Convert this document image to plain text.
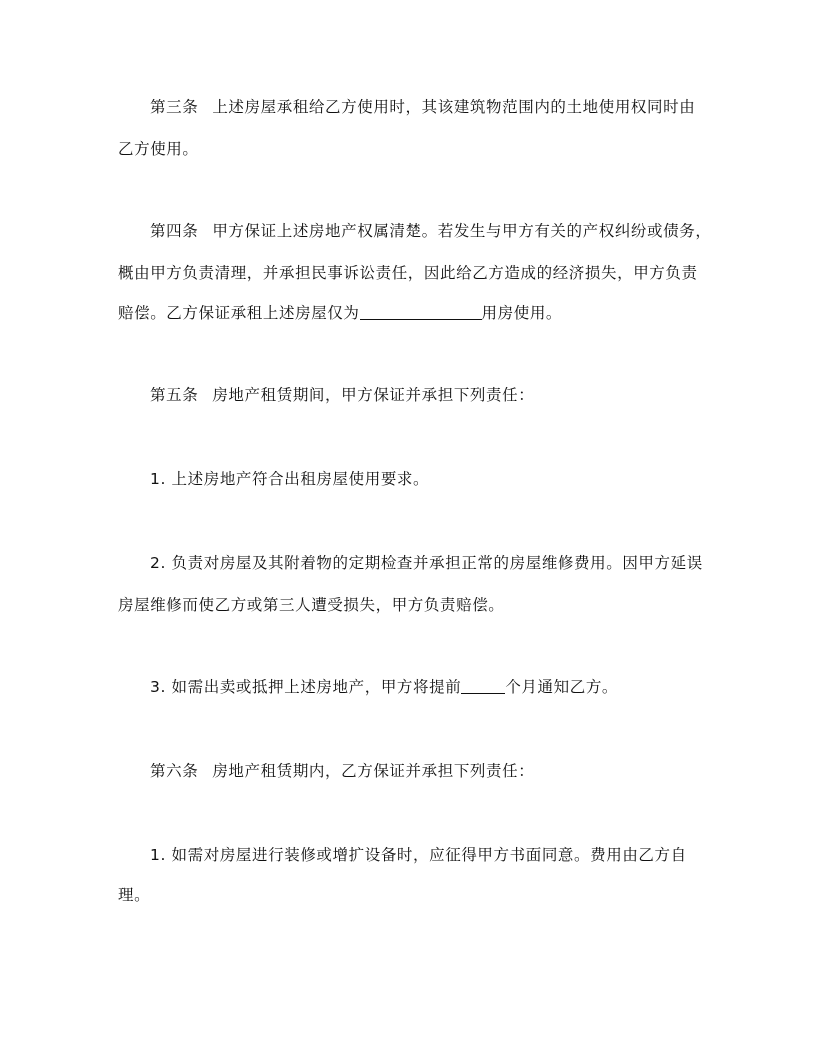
第三条 上述房屋承租给乙方使用时，其该建筑物范围内的土地使用权同时由
乙方使用。
第四条 甲方保证上述房地产权属清楚。若发生与甲方有关的产权纠纷或债务，
概由甲方负责清理，并承担民事诉讼责任，因此给乙方造成的经济损失，甲方负责
赔偿。乙方保证承租上述房屋仅为	用房使用。
第五条 房地产租赁期间，甲方保证并承担下列责任：
1. 上述房地产符合出租房屋使用要求。
2. 负责对房屋及其附着物的定期检查并承担正常的房屋维修费用。因甲方延误
房屋维修而使乙方或第三人遭受损失，甲方负责赔偿。
3. 如需出卖或抵押上述房地产，甲方将提前	个月通知乙方。
第六条 房地产租赁期内，乙方保证并承担下列责任：
1. 如需对房屋进行装修或增扩设备时，应征得甲方书面同意。费用由乙方自
理。
